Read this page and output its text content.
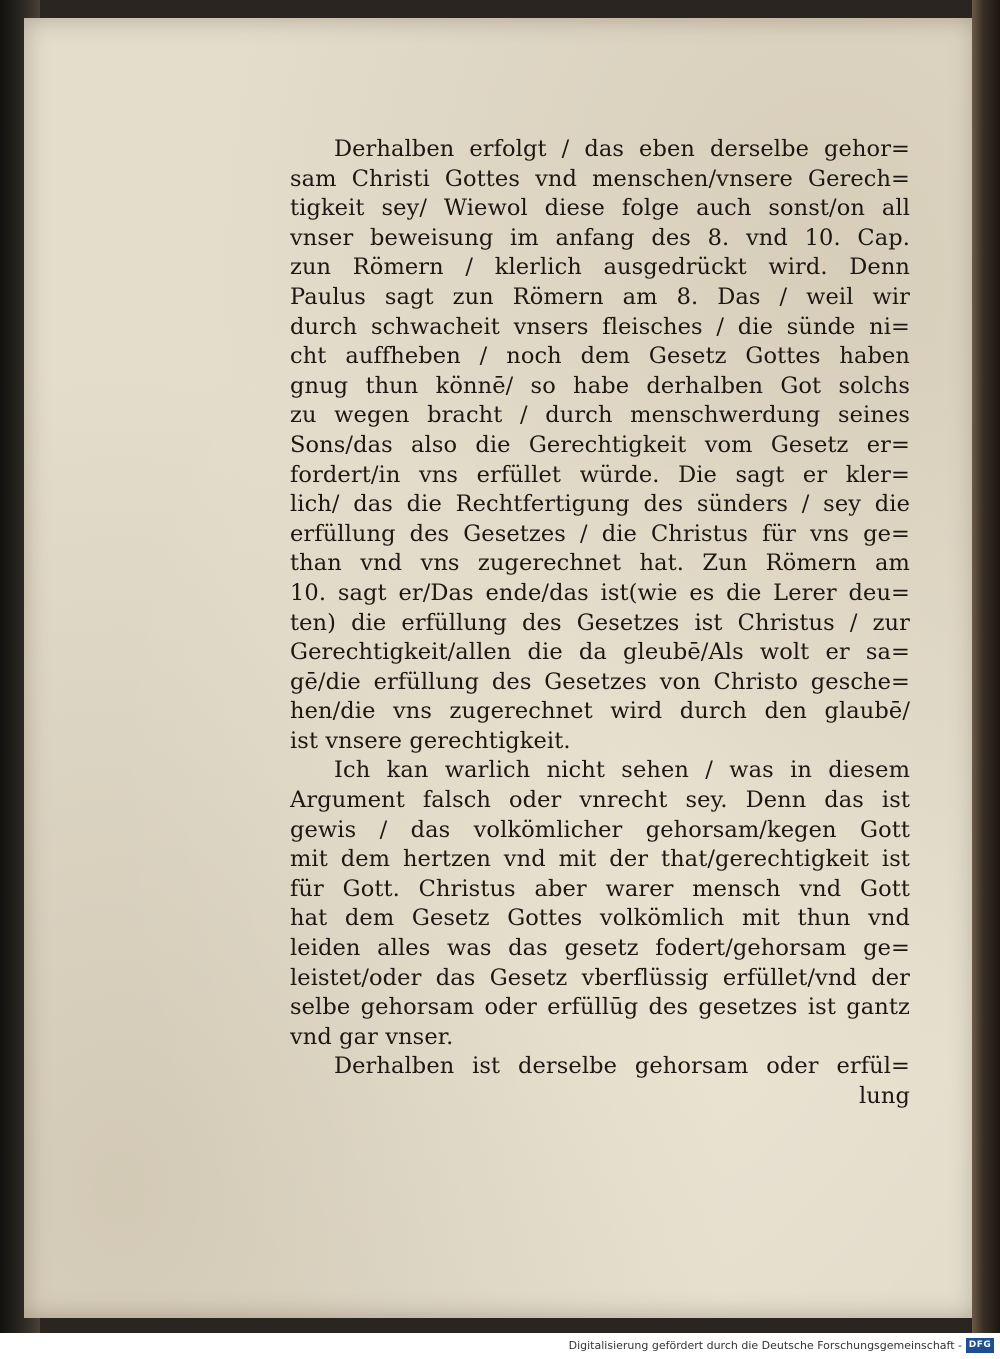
Derhalben erfolgt / das eben derselbe gehor=
sam Christi Gottes vnd menschen/vnsere Gerech=
tigkeit sey/ Wiewol diese folge auch sonst/on all
vnser beweisung im anfang des 8. vnd 10. Cap.
zun Römern / klerlich ausgedrückt wird. Denn
Paulus sagt zun Römern am 8. Das / weil wir
durch schwacheit vnsers fleisches / die sünde ni=
cht auffheben / noch dem Gesetz Gottes haben
gnug thun könnē/ so habe derhalben Got solchs
zu wegen bracht / durch menschwerdung seines
Sons/das also die Gerechtigkeit vom Gesetz er=
fordert/in vns erfüllet würde. Die sagt er kler=
lich/ das die Rechtfertigung des sünders / sey die
erfüllung des Gesetzes / die Christus für vns ge=
than vnd vns zugerechnet hat. Zun Römern am
10. sagt er/Das ende/das ist(wie es die Lerer deu=
ten) die erfüllung des Gesetzes ist Christus / zur
Gerechtigkeit/allen die da gleubē/Als wolt er sa=
gē/die erfüllung des Gesetzes von Christo gesche=
hen/die vns zugerechnet wird durch den glaubē/
ist vnsere gerechtigkeit.
Ich kan warlich nicht sehen / was in diesem
Argument falsch oder vnrecht sey. Denn das ist
gewis / das volkömlicher gehorsam/kegen Gott
mit dem hertzen vnd mit der that/gerechtigkeit ist
für Gott. Christus aber warer mensch vnd Gott
hat dem Gesetz Gottes volkömlich mit thun vnd
leiden alles was das gesetz fodert/gehorsam ge=
leistet/oder das Gesetz vberflüssig erfüllet/vnd der
selbe gehorsam oder erfüllūg des gesetzes ist gantz
vnd gar vnser.
Derhalben ist derselbe gehorsam oder erfül=
lung
Digitalisierung gefördert durch die Deutsche Forschungsgemeinschaft - DFG
